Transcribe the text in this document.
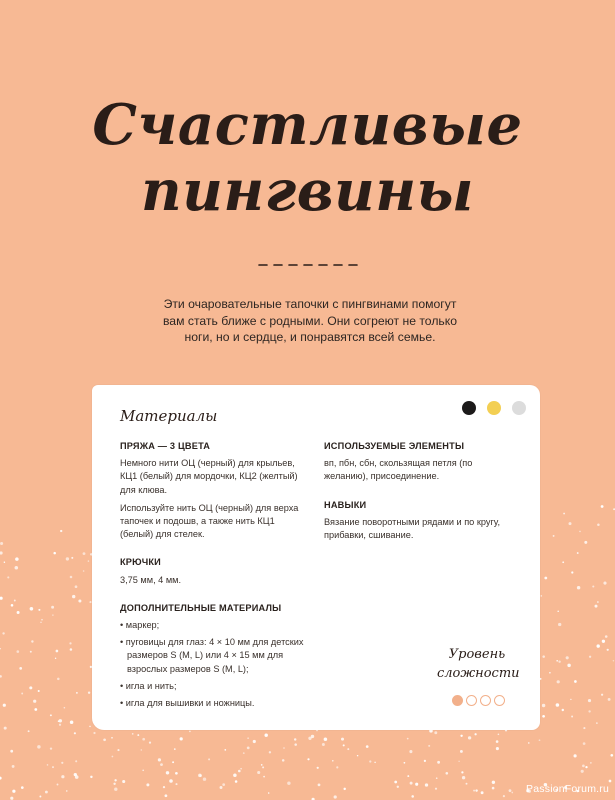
Счастливые
пингвины
Эти очаровательные тапочки с пингвинами помогут вам стать ближе с родными. Они согреют не только ноги, но и сердце, и понравятся всей семье.
Материалы
ПРЯЖА — 3 ЦВЕТА
Немного нити ОЦ (черный) для крыльев, КЦ1 (белый) для мордочки, КЦ2 (желтый) для клюва.
Используйте нить ОЦ (черный) для верха тапочек и подошв, а также нить КЦ1 (белый) для стелек.
КРЮЧКИ
3,75 мм, 4 мм.
ДОПОЛНИТЕЛЬНЫЕ МАТЕРИАЛЫ
• маркер;
• пуговицы для глаз: 4 × 10 мм для детских размеров S (M, L) или 4 × 15 мм для взрослых размеров S (M, L);
• игла и нить;
• игла для вышивки и ножницы.
ИСПОЛЬЗУЕМЫЕ ЭЛЕМЕНТЫ
вп, пбн, сбн, скользящая петля (по желанию), присоединение.
НАВЫКИ
Вязание поворотными рядами и по кругу, прибавки, сшивание.
Уровень
сложности
PassionForum.ru
